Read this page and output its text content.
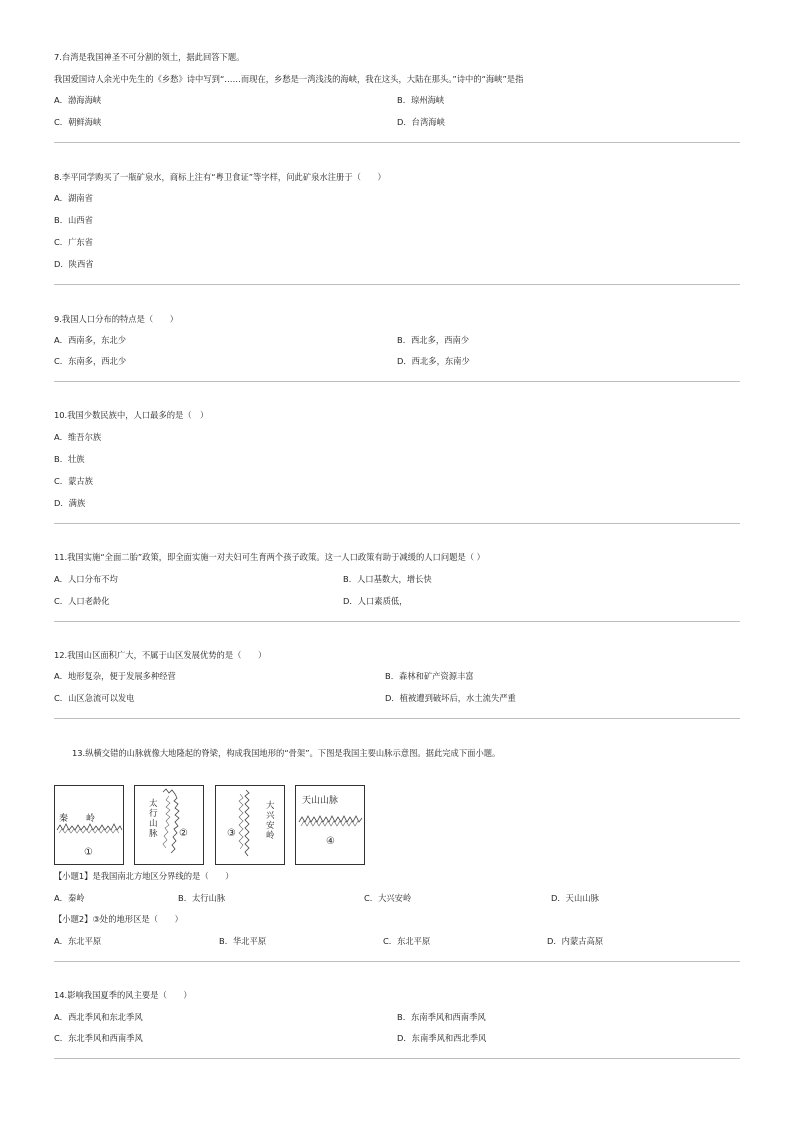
7.台湾是我国神圣不可分割的领土，据此回答下题。
我国爱国诗人余光中先生的《乡愁》诗中写到“……而现在，乡愁是一湾浅浅的海峡，我在这头，大陆在那头。”诗中的“海峡”是指
A．渤海海峡	B．琼州海峡
C．朝鲜海峡	D．台湾海峡
8.李平同学购买了一瓶矿泉水，商标上注有“粤卫食证”等字样，问此矿泉水注册于（　　）
A．湖南省
B．山西省
C．广东省
D．陕西省
9.我国人口分布的特点是（　　）
A．西南多，东北少	B．西北多，西南少
C．东南多，西北少	D．西北多，东南少
10.我国少数民族中，人口最多的是（　）
A．维吾尔族
B．壮族
C．蒙古族
D．满族
11.我国实施“全面二胎”政策，即全面实施一对夫妇可生育两个孩子政策。这一人口政策有助于减缓的人口问题是（ ）
A．人口分布不均	B．人口基数大，增长快
C．人口老龄化	D．人口素质低，
12.我国山区面积广大，不属于山区发展优势的是（　　）
A．地形复杂，便于发展多种经营	B．森林和矿产资源丰富
C．山区急流可以发电	D．植被遭到破坏后，水土流失严重
13.纵横交错的山脉就像大地隆起的脊梁，构成我国地形的“骨架”。下图是我国主要山脉示意图。据此完成下面小题。
秦　　岭
①
太行山脉 ②
大兴安岭
③
天山山脉
④
【小题1】是我国南北方地区分界线的是（　　）
A．秦岭	B．太行山脉	C．大兴安岭	D．天山山脉
【小题2】③处的地形区是（　　）
A．东北平原	B．华北平原	C．东北平原	D．内蒙古高原
14.影响我国夏季的风主要是（　　）
A．西北季风和东北季风	B．东南季风和西南季风
C．东北季风和西南季风	D．东南季风和西北季风
